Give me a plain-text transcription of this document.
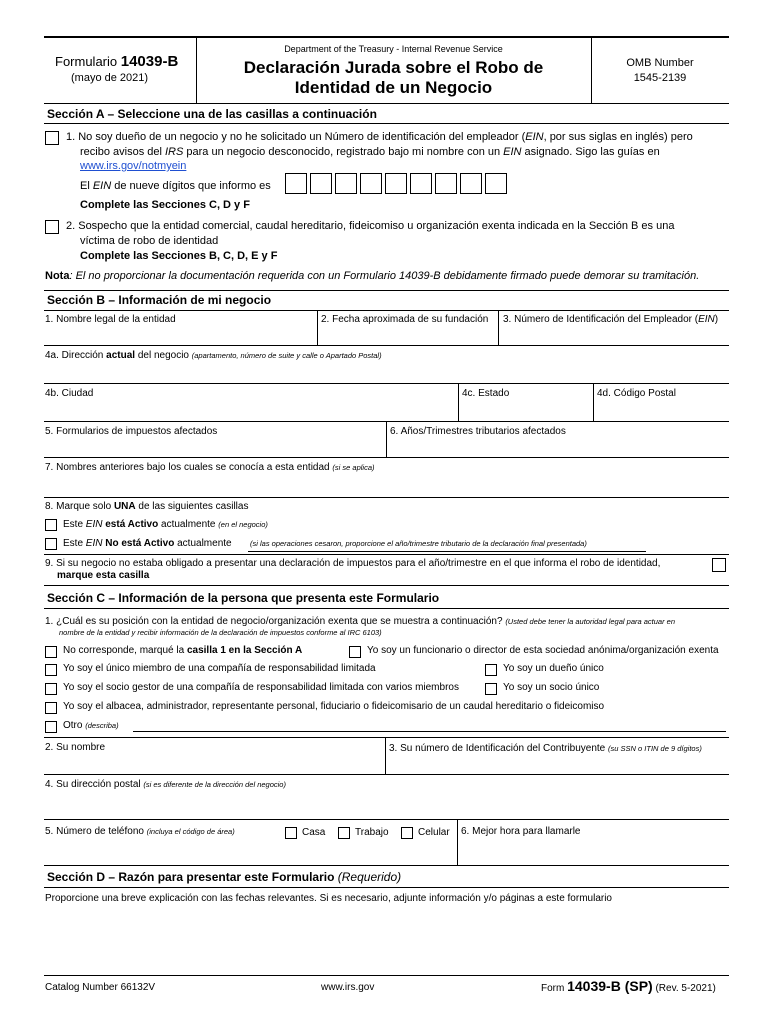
Formulario 14039-B
(mayo de 2021)
Department of the Treasury - Internal Revenue Service
Declaración Jurada sobre el Robo de
Identidad de un Negocio
OMB Number
1545-2139
Sección A – Seleccione una de las casillas a continuación
1. No soy dueño de un negocio y no he solicitado un Número de identificación del empleador (EIN, por sus siglas en inglés) pero
recibo avisos del IRS para un negocio desconocido, registrado bajo mi nombre con un EIN asignado. Sigo las guías en
www.irs.gov/notmyein
El EIN de nueve dígitos que informo es
Complete las Secciones C, D y F
2. Sospecho que la entidad comercial, caudal hereditario, fideicomiso u organización exenta indicada en la Sección B es una
víctima de robo de identidad
Complete las Secciones B, C, D, E y F
Nota: El no proporcionar la documentación requerida con un Formulario 14039-B debidamente firmado puede demorar su tramitación.
Sección B – Información de mi negocio
1. Nombre legal de la entidad	2. Fecha aproximada de su fundación 3. Número de Identificación del Empleador (EIN)
4a. Dirección actual del negocio (apartamento, número de suite y calle o Apartado Postal)
4b. Ciudad	4c. Estado	4d. Código Postal
5. Formularios de impuestos afectados	6. Años/Trimestres tributarios afectados
7. Nombres anteriores bajo los cuales se conocía a esta entidad (si se aplica)
8. Marque solo UNA de las siguientes casillas
Este EIN está Activo actualmente (en el negocio)
Este EIN No está Activo actualmente (si las operaciones cesaron, proporcione el año/trimestre tributario de la declaración final presentada)
9. Si su negocio no estaba obligado a presentar una declaración de impuestos para el año/trimestre en el que informa el robo de identidad,
marque esta casilla
Sección C – Información de la persona que presenta este Formulario
1. ¿Cuál es su posición con la entidad de negocio/organización exenta que se muestra a continuación? (Usted debe tener la autoridad legal para actuar en
nombre de la entidad y recibir información de la declaración de impuestos conforme al IRC 6103)
No corresponde, marqué la casilla 1 en la Sección A	Yo soy un funcionario o director de esta sociedad anónima/organización exenta
Yo soy el único miembro de una compañía de responsabilidad limitada	Yo soy un dueño único
Yo soy el socio gestor de una compañía de responsabilidad limitada con varios miembros	Yo soy un socio único
Yo soy el albacea, administrador, representante personal, fiduciario o fideicomisario de un caudal hereditario o fideicomiso
Otro (describa)
2. Su nombre	3. Su número de Identificación del Contribuyente (su SSN o ITIN de 9 dígitos)
4. Su dirección postal (si es diferente de la dirección del negocio)
5. Número de teléfono (incluya el código de área)	Casa	Trabajo	Celular 6. Mejor hora para llamarle
Sección D – Razón para presentar este Formulario (Requerido)
Proporcione una breve explicación con las fechas relevantes. Si es necesario, adjunte información y/o páginas a este formulario
Catalog Number 66132V	www.irs.gov	Form 14039-B (SP) (Rev. 5-2021)
